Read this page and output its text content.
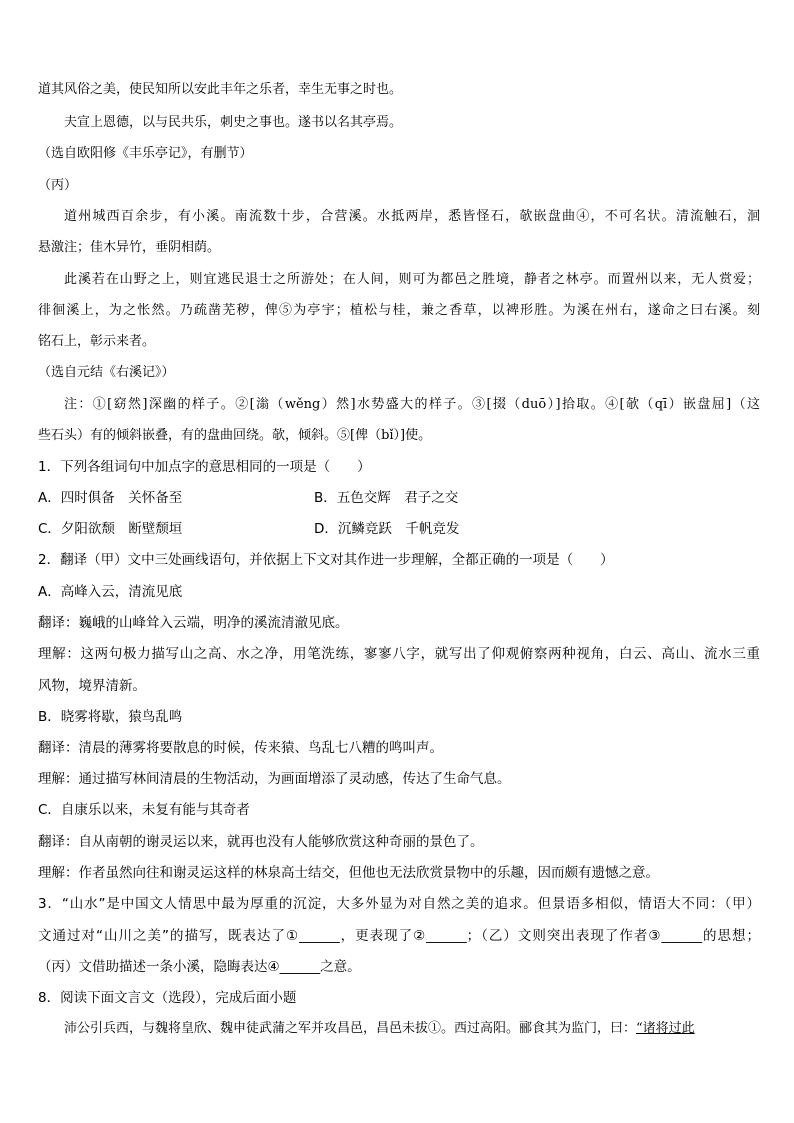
道其风俗之美，使民知所以安此丰年之乐者，幸生无事之时也。
夫宣上恩德，以与民共乐，刺史之事也。遂书以名其亭焉。
（选自欧阳修《丰乐亭记》，有删节）
（丙）
道州城西百余步，有小溪。南流数十步，合营溪。水抵两岸，悉皆怪石，欹嵌盘曲④，不可名状。清流触石，洄
悬激注；佳木异竹，垂阴相荫。
此溪若在山野之上，则宜逃民退士之所游处；在人间，则可为都邑之胜境，静者之林亭。而置州以来，无人赏爱；
徘徊溪上，为之怅然。乃疏凿芜秽，俾⑤为亭宇；植松与桂，兼之香草，以裨形胜。为溪在州右，遂命之曰右溪。刻
铭石上，彰示来者。
（选自元结《右溪记》）
注：①[窈然]深幽的样子。②[滃（wěng）然]水势盛大的样子。③[掇（duō）]拾取。④[欹（qī）嵌盘屈]（这
些石头）有的倾斜嵌叠，有的盘曲回绕。欹，倾斜。⑤[俾（bǐ）]使。
1．下列各组词句中加点字的意思相同的一项是（　　）
A．四时俱备　关怀备至	B．五色交辉　君子之交
C．夕阳欲颓　断壁颓垣	D．沉鳞竞跃　千帆竞发
2．翻译（甲）文中三处画线语句，并依据上下文对其作进一步理解，全都正确的一项是（　　）
A．高峰入云，清流见底
翻译：巍峨的山峰耸入云端，明净的溪流清澈见底。
理解：这两句极力描写山之高、水之净，用笔洗练，寥寥八字，就写出了仰观俯察两种视角，白云、高山、流水三重
风物，境界清新。
B．晓雾将歇，猿鸟乱鸣
翻译：清晨的薄雾将要散息的时候，传来猿、鸟乱七八糟的鸣叫声。
理解：通过描写林间清晨的生物活动，为画面增添了灵动感，传达了生命气息。
C．自康乐以来，未复有能与其奇者
翻译：自从南朝的谢灵运以来，就再也没有人能够欣赏这种奇丽的景色了。
理解：作者虽然向往和谢灵运这样的林泉高士结交，但他也无法欣赏景物中的乐趣，因而颇有遗憾之意。
3．“山水”是中国文人情思中最为厚重的沉淀，大多外显为对自然之美的追求。但景语多相似，情语大不同：（甲）
文通过对“山川之美”的描写，既表达了①______，更表现了②______；（乙）文则突出表现了作者③______的思想；
（丙）文借助描述一条小溪，隐晦表达④______之意。
8．阅读下面文言文（选段），完成后面小题
沛公引兵西，与魏将皇欣、魏申徒武蒲之军并攻昌邑，昌邑未拔①。西过高阳。郦食其为监门，曰：“诸将过此
